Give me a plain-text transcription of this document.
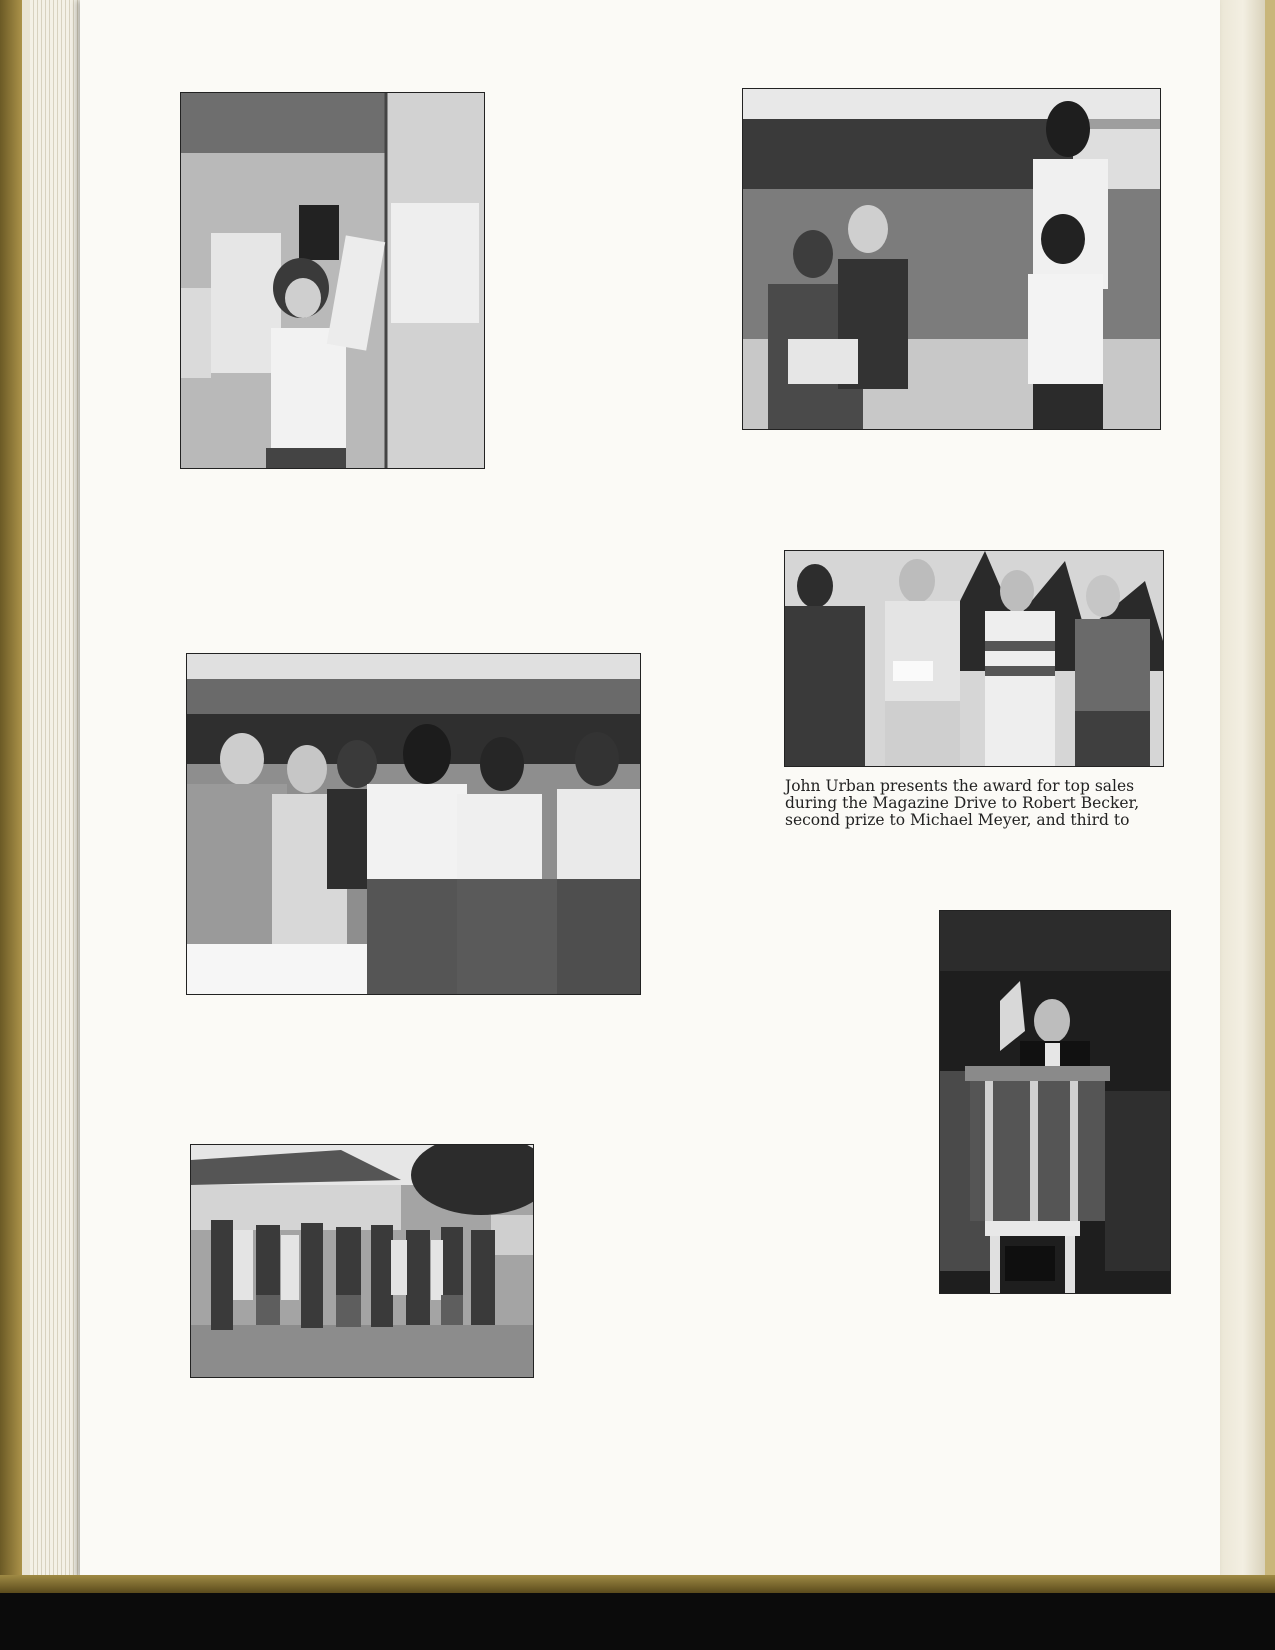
John Urban presents the award for top sales
during the Magazine Drive to Robert Becker,
second prize to Michael Meyer, and third to
